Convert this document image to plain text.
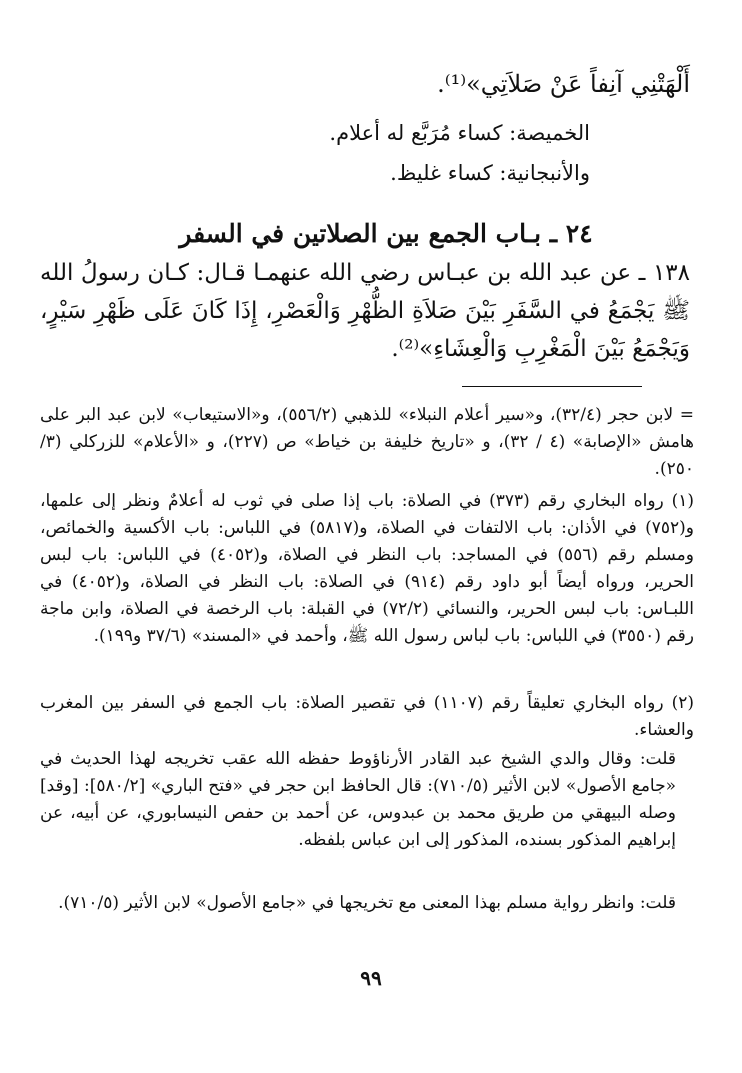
أَلْهَتْنِي آنِفاً عَنْ صَلاَتِي»⁽¹⁾.

الخميصة: كساء مُرَبَّع له أعلام.

والأنبجانية: كساء غليظ.

٢٤ ـ بـاب الجمع بين الصلاتين في السفر

١٣٨ ـ عن عبد الله بن عبـاس رضي الله عنهمـا قـال: كـان رسولُ الله ﷺ يَجْمَعُ في السَّفَرِ بَيْنَ صَلاَةِ الظُّهْرِ وَالْعَصْرِ، إِذَا كَانَ عَلَى ظَهْرِ سَيْرٍ، وَيَجْمَعُ بَيْنَ الْمَغْرِبِ وَالْعِشَاءِ»⁽²⁾.

= لابن حجر (٣٢/٤)، و«سير أعلام النبلاء» للذهبي (٥٥٦/٢)، و«الاستيعاب» لابن عبد البر على هامش «الإصابة» (٤ / ٣٢)، و «تاريخ خليفة بن خياط» ص (٢٢٧)، و «الأعلام» للزركلي (٣/ ٢٥٠).

(١) رواه البخاري رقم (٣٧٣) في الصلاة: باب إذا صلى في ثوب له أعلامٌ ونظر إلى علمها، و(٧٥٢) في الأذان: باب الالتفات في الصلاة، و(٥٨١٧) في اللباس: باب الأكسية والخمائص، ومسلم رقم (٥٥٦) في المساجد: باب النظر في الصلاة، و(٤٠٥٢) في اللباس: باب لبس الحرير، ورواه أيضاً أبو داود رقم (٩١٤) في الصلاة: باب النظر في الصلاة، و(٤٠٥٢) في اللبـاس: باب لبس الحرير، والنسائي (٧٢/٢) في القبلة: باب الرخصة في الصلاة، وابن ماجة رقم (٣٥٥٠) في اللباس: باب لباس رسول الله ﷺ، وأحمد في «المسند» (٣٧/٦ و١٩٩).

(٢) رواه البخاري تعليقاً رقم (١١٠٧) في تقصير الصلاة: باب الجمع في السفر بين المغرب والعشاء.

قلت: وقال والدي الشيخ عبد القادر الأرناؤوط حفظه الله عقب تخريجه لهذا الحديث في «جامع الأصول» لابن الأثير (٧١٠/٥): قال الحافظ ابن حجر في «فتح الباري» [٥٨٠/٢]: [وقد] وصله البيهقي من طريق محمد بن عبدوس، عن أحمد بن حفص النيسابوري، عن أبيه، عن إبراهيم المذكور بسنده، المذكور إلى ابن عباس بلفظه.

قلت: وانظر رواية مسلم بهذا المعنى مع تخريجها في «جامع الأصول» لابن الأثير (٧١٠/٥).

٩٩
